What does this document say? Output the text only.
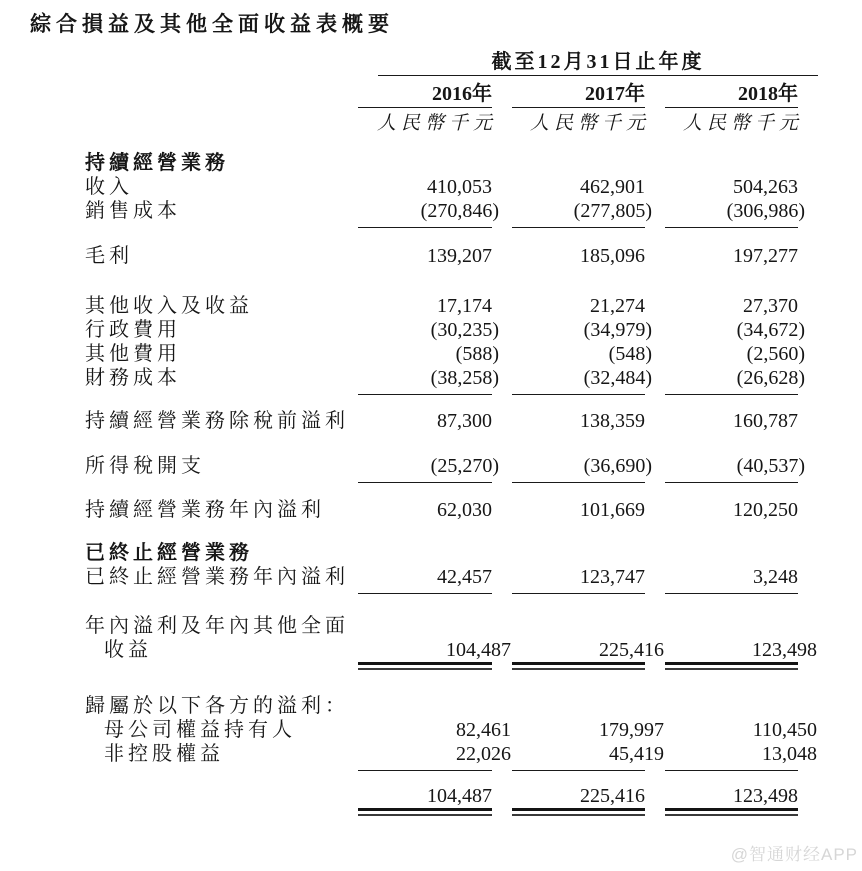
綜合損益及其他全面收益表概要
截至12月31日止年度
2016年	2017年	2018年
人民幣千元	人民幣千元	人民幣千元
持續經營業務
收入	410,053	462,901	504,263
銷售成本	(270,846)	(277,805)	(306,986)
毛利	139,207	185,096	197,277
其他收入及收益	17,174	21,274	27,370
行政費用	(30,235)	(34,979)	(34,672)
其他費用	(588)	(548)	(2,560)
財務成本	(38,258)	(32,484)	(26,628)
持續經營業務除稅前溢利	87,300	138,359	160,787
所得稅開支	(25,270)	(36,690)	(40,537)
持續經營業務年內溢利	62,030	101,669	120,250
已終止經營業務
已終止經營業務年內溢利	42,457	123,747	3,248
年內溢利及年內其他全面
收益	104,487	225,416	123,498
歸屬於以下各方的溢利：
母公司權益持有人	82,461	179,997	110,450
非控股權益	22,026	45,419	13,048
104,487	225,416	123,498
@智通财经APP
